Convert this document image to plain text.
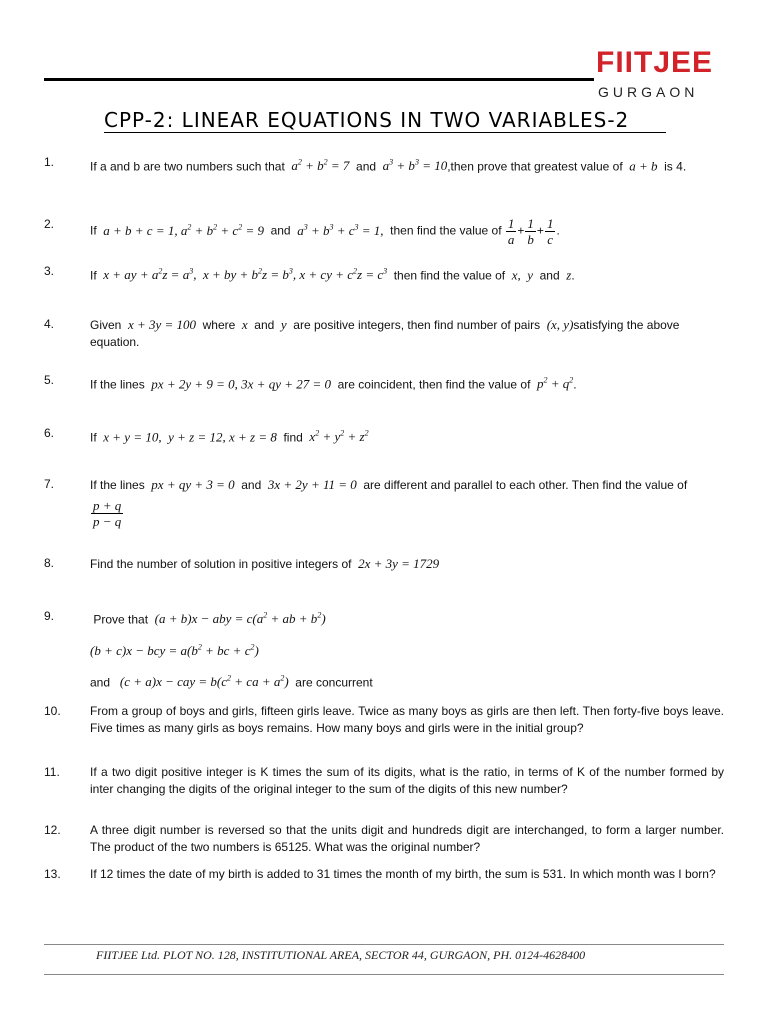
FIITJEE
GURGAON
CPP-2: LINEAR EQUATIONS IN TWO VARIABLES-2
1.	If a and b are two numbers such that  $a^2 + b^2 = 7$  and  $a^3 + b^3$ = 10,then prove that greatest value of  a + b  is 4.
2.	If  a + b + c = 1, $a^2 + b^2 + c^2 = 9$  and  $a^3 + b^3 + c^3 = 1$,  then find the value of $\frac{1}{a} + \frac{1}{b} + \frac{1}{c}$ .
3.	If  x + ay + $a^2z = a^3$,  x + by + $b^2z = b^3$, x + cy + $c^2z = c^3$ then find the value of  x,  y  and  z.
4.	Given  x + 3y = 100  where  x  and  y  are positive integers, then find number of pairs  (x, y)satisfying the above
equation.
5.	If the lines  px + 2y + 9 = 0, 3x + qy + 27 = 0  are coincident, then find the value of  $p^2 + q^2$.
6.	If  x + y = 10,  y + z = 12, x + z = 8  find  $x^2 + y^2 + z^2$
7.	If the lines  px + qy + 3 = 0  and  3x + 2y + 11 = 0  are different and parallel to each other. Then find the value of

$\frac{p + q}{p - q}$
8.	Find the number of solution in positive integers of  2x + 3y = 1729
9.	Prove that  (a + b)x − aby = $c(a^2$ + ab + $b^2$)
(b + c)x − bcy = $a(b^2$ + bc + $c^2$)
and   (c + a)x − cay = $b(c^2$ + ca + $a^2$)  are concurrent
10. From a group of boys and girls, fifteen girls leave. Twice as many boys as girls are then left. Then forty-five boys leave. Five times as many girls as boys remains. How many boys and girls were in the initial group?
11.	If a two digit positive integer is K times the sum of its digits, what is the ratio, in terms of K of the number formed by inter changing the digits of the original integer to the sum of the digits of this new number?
12. A three digit number is reversed so that the units digit and hundreds digit are interchanged, to form a larger number. The product of the two numbers is 65125. What was the original number?
13. If 12 times the date of my birth is added to 31 times the month of my birth, the sum is 531. In which month was I born?
FIITJEE Ltd. PLOT NO. 128, INSTITUTIONAL AREA, SECTOR 44, GURGAON, PH. 0124-4628400
